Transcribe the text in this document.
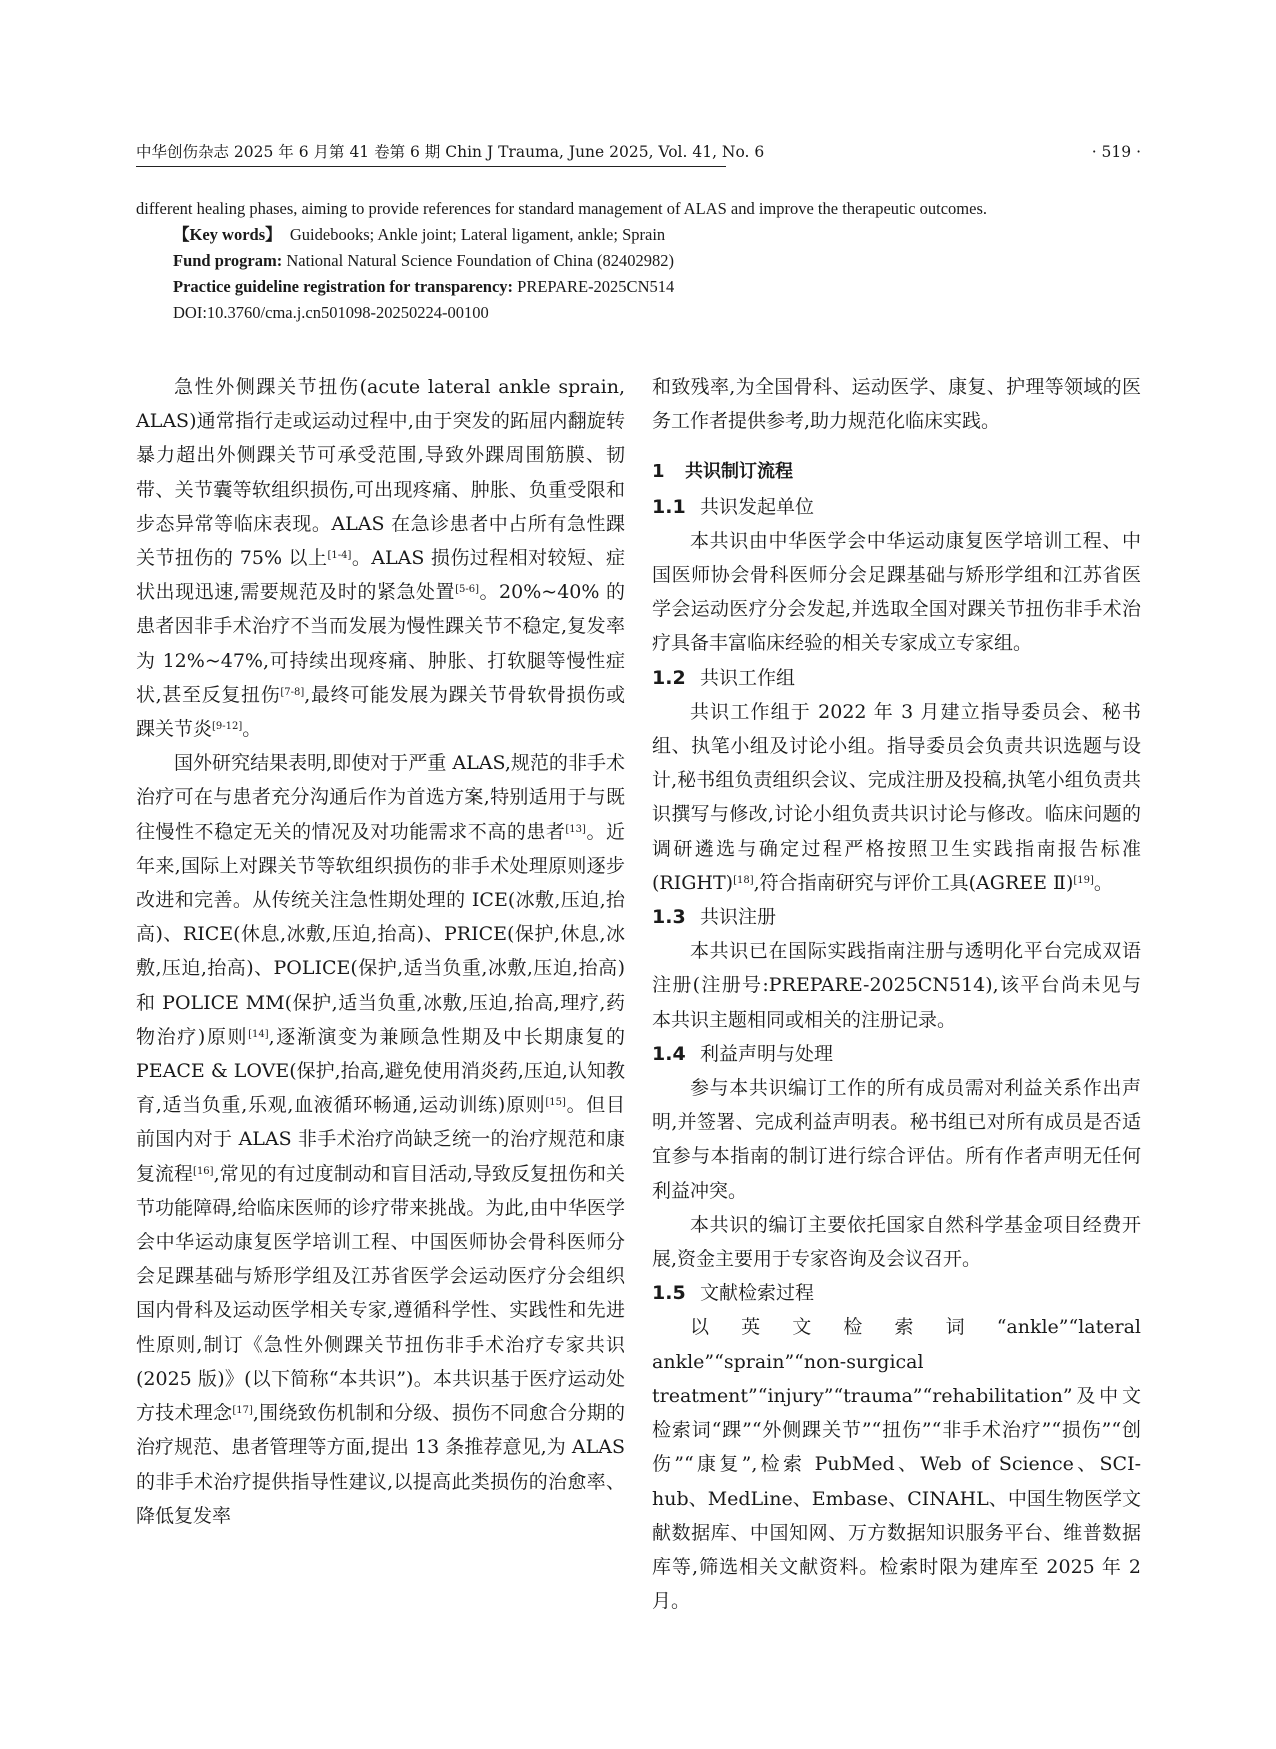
中华创伤杂志 2025 年 6 月第 41 卷第 6 期 Chin J Trauma, June 2025, Vol. 41, No. 6	· 519 ·

different healing phases, aiming to provide references for standard management of ALAS and improve the therapeutic outcomes.

【Key words】 Guidebooks; Ankle joint; Lateral ligament, ankle; Sprain

Fund program: National Natural Science Foundation of China (82402982)

Practice guideline registration for transparency: PREPARE-2025CN514

DOI:10.3760/cma.j.cn501098-20250224-00100

急性外侧踝关节扭伤(acute lateral ankle sprain, ALAS)通常指行走或运动过程中,由于突发的跖屈内翻旋转暴力超出外侧踝关节可承受范围,导致外踝周围筋膜、韧带、关节囊等软组织损伤,可出现疼痛、肿胀、负重受限和步态异常等临床表现。ALAS 在急诊患者中占所有急性踝关节扭伤的 75% 以上[1-4]。ALAS 损伤过程相对较短、症状出现迅速,需要规范及时的紧急处置[5-6]。20%~40% 的患者因非手术治疗不当而发展为慢性踝关节不稳定,复发率为 12%~47%,可持续出现疼痛、肿胀、打软腿等慢性症状,甚至反复扭伤[7-8],最终可能发展为踝关节骨软骨损伤或踝关节炎[9-12]。

国外研究结果表明,即使对于严重 ALAS,规范的非手术治疗可在与患者充分沟通后作为首选方案,特别适用于与既往慢性不稳定无关的情况及对功能需求不高的患者[13]。近年来,国际上对踝关节等软组织损伤的非手术处理原则逐步改进和完善。从传统关注急性期处理的 ICE(冰敷,压迫,抬高)、RICE(休息,冰敷,压迫,抬高)、PRICE(保护,休息,冰敷,压迫,抬高)、POLICE(保护,适当负重,冰敷,压迫,抬高)和 POLICE MM(保护,适当负重,冰敷,压迫,抬高,理疗,药物治疗)原则[14],逐渐演变为兼顾急性期及中长期康复的 PEACE & LOVE(保护,抬高,避免使用消炎药,压迫,认知教育,适当负重,乐观,血液循环畅通,运动训练)原则[15]。但目前国内对于 ALAS 非手术治疗尚缺乏统一的治疗规范和康复流程[16],常见的有过度制动和盲目活动,导致反复扭伤和关节功能障碍,给临床医师的诊疗带来挑战。为此,由中华医学会中华运动康复医学培训工程、中国医师协会骨科医师分会足踝基础与矫形学组及江苏省医学会运动医疗分会组织国内骨科及运动医学相关专家,遵循科学性、实践性和先进性原则,制订《急性外侧踝关节扭伤非手术治疗专家共识(2025 版)》(以下简称“本共识”)。本共识基于医疗运动处方技术理念[17],围绕致伤机制和分级、损伤不同愈合分期的治疗规范、患者管理等方面,提出 13 条推荐意见,为 ALAS 的非手术治疗提供指导性建议,以提高此类损伤的治愈率、降低复发率

和致残率,为全国骨科、运动医学、康复、护理等领域的医务工作者提供参考,助力规范化临床实践。

1 共识制订流程

1.1 共识发起单位

本共识由中华医学会中华运动康复医学培训工程、中国医师协会骨科医师分会足踝基础与矫形学组和江苏省医学会运动医疗分会发起,并选取全国对踝关节扭伤非手术治疗具备丰富临床经验的相关专家成立专家组。

1.2 共识工作组

共识工作组于 2022 年 3 月建立指导委员会、秘书组、执笔小组及讨论小组。指导委员会负责共识选题与设计,秘书组负责组织会议、完成注册及投稿,执笔小组负责共识撰写与修改,讨论小组负责共识讨论与修改。临床问题的调研遴选与确定过程严格按照卫生实践指南报告标准(RIGHT)[18],符合指南研究与评价工具(AGREE Ⅱ)[19]。

1.3 共识注册

本共识已在国际实践指南注册与透明化平台完成双语注册(注册号:PREPARE-2025CN514),该平台尚未见与本共识主题相同或相关的注册记录。

1.4 利益声明与处理

参与本共识编订工作的所有成员需对利益关系作出声明,并签署、完成利益声明表。秘书组已对所有成员是否适宜参与本指南的制订进行综合评估。所有作者声明无任何利益冲突。

本共识的编订主要依托国家自然科学基金项目经费开展,资金主要用于专家咨询及会议召开。

1.5 文献检索过程

以英文检索词“ankle”“lateral ankle”“sprain”“non-surgical treatment”“injury”“trauma”“rehabilitation”及中文检索词“踝”“外侧踝关节”“扭伤”“非手术治疗”“损伤”“创伤”“康复”,检索 PubMed、Web of Science、SCI-hub、MedLine、Embase、CINAHL、中国生物医学文献数据库、中国知网、万方数据知识服务平台、维普数据库等,筛选相关文献资料。检索时限为建库至 2025 年 2 月。
